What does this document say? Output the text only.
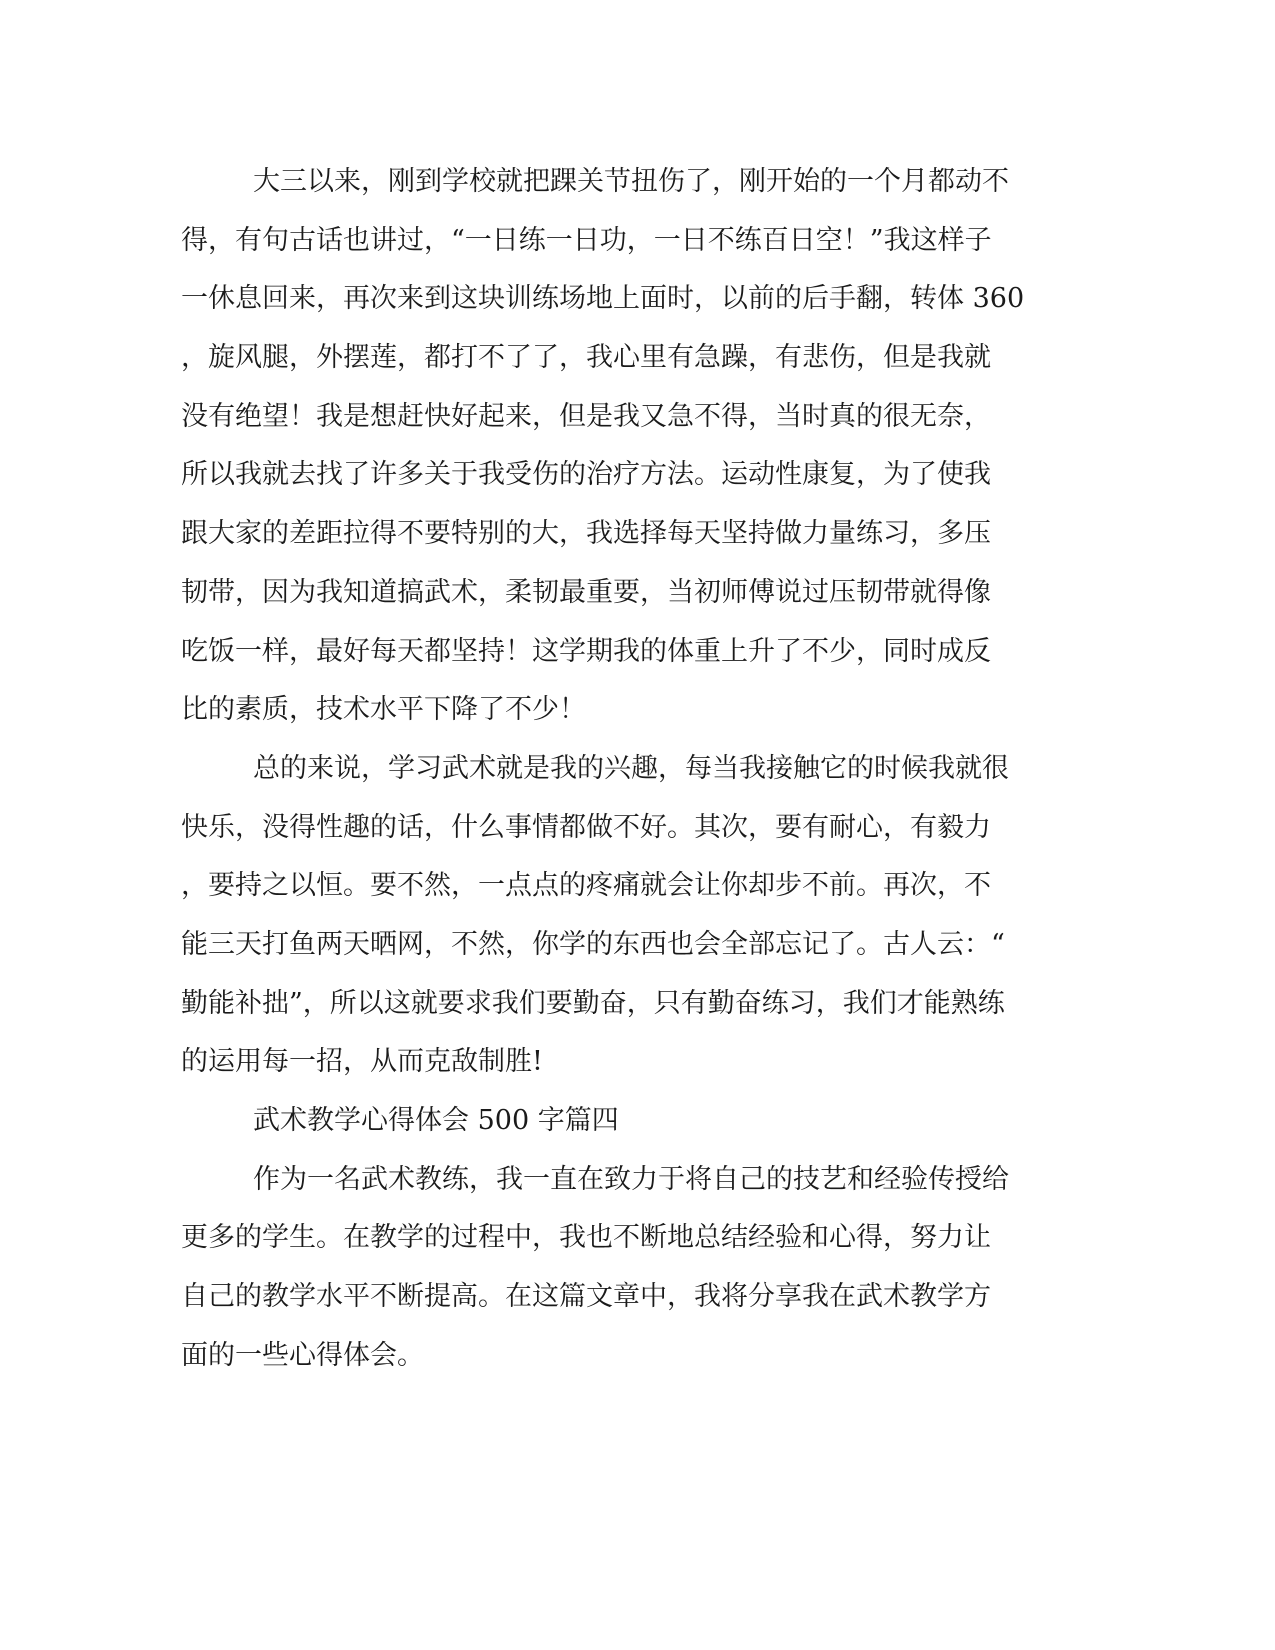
大三以来，刚到学校就把踝关节扭伤了，刚开始的一个月都动不
得，有句古话也讲过，“一日练一日功，一日不练百日空！”我这样子
一休息回来，再次来到这块训练场地上面时，以前的后手翻，转体 360
，旋风腿，外摆莲，都打不了了，我心里有急躁，有悲伤，但是我就
没有绝望！我是想赶快好起来，但是我又急不得，当时真的很无奈，
所以我就去找了许多关于我受伤的治疗方法。运动性康复，为了使我
跟大家的差距拉得不要特别的大，我选择每天坚持做力量练习，多压
韧带，因为我知道搞武术，柔韧最重要，当初师傅说过压韧带就得像
吃饭一样，最好每天都坚持！这学期我的体重上升了不少，同时成反
比的素质，技术水平下降了不少！
总的来说，学习武术就是我的兴趣，每当我接触它的时候我就很
快乐，没得性趣的话，什么事情都做不好。其次，要有耐心，有毅力
，要持之以恒。要不然，一点点的疼痛就会让你却步不前。再次，不
能三天打鱼两天晒网，不然，你学的东西也会全部忘记了。古人云：“
勤能补拙”，所以这就要求我们要勤奋，只有勤奋练习，我们才能熟练
的运用每一招，从而克敌制胜!
武术教学心得体会 500 字篇四
作为一名武术教练，我一直在致力于将自己的技艺和经验传授给
更多的学生。在教学的过程中，我也不断地总结经验和心得，努力让
自己的教学水平不断提高。在这篇文章中，我将分享我在武术教学方
面的一些心得体会。
